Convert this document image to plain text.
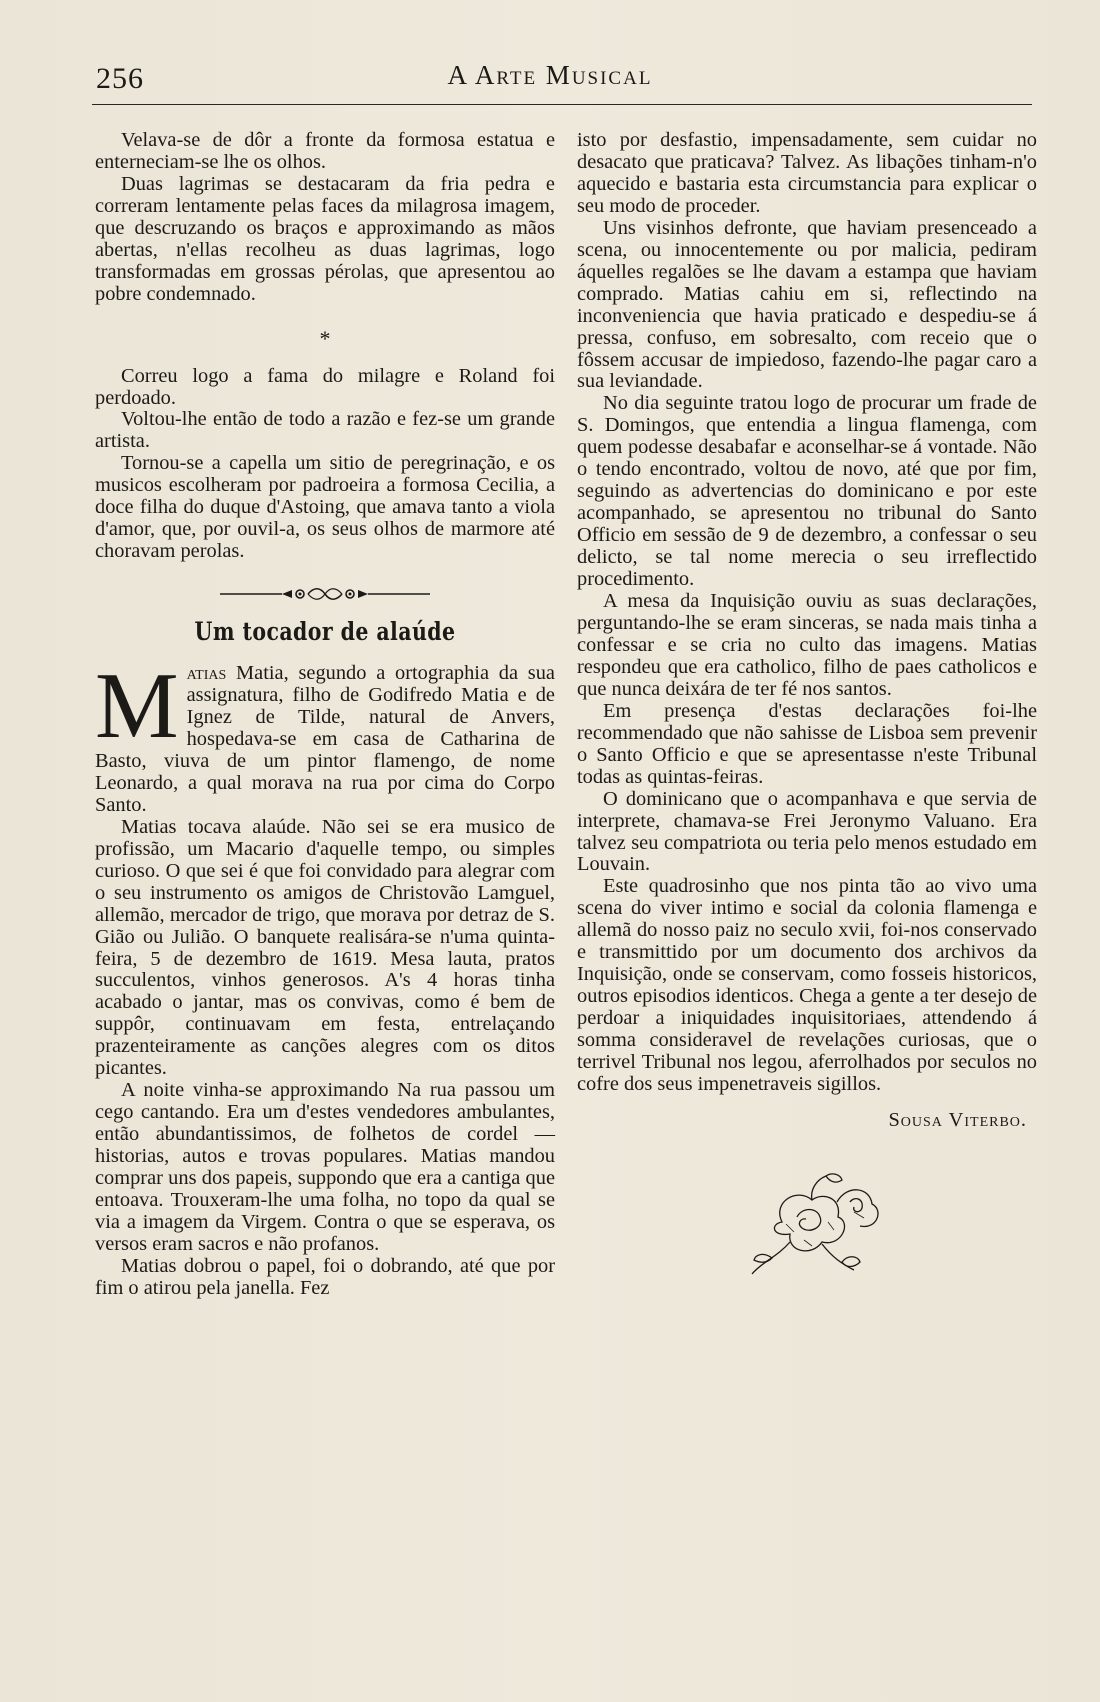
256	A Arte Musical

Velava-se de dôr a fronte da formosa estatua e enterneciam-se lhe os olhos.

Duas lagrimas se destacaram da fria pedra e correram lentamente pelas faces da milagrosa imagem, que descruzando os braços e approximando as mãos abertas, n'ellas recolheu as duas lagrimas, logo transformadas em grossas pérolas, que apresentou ao pobre condemnado.

*

Correu logo a fama do milagre e Roland foi perdoado.

Voltou-lhe então de todo a razão e fez-se um grande artista.

Tornou-se a capella um sitio de peregrinação, e os musicos escolheram por padroeira a formosa Cecilia, a doce filha do duque d'Astoing, que amava tanto a viola d'amor, que, por ouvil-a, os seus olhos de marmore até choravam perolas.

Um tocador de alaúde

Matias Matia, segundo a ortographia da sua assignatura, filho de Godifredo Matia e de Ignez de Tilde, natural de Anvers, hospedava-se em casa de Catharina de Basto, viuva de um pintor flamengo, de nome Leonardo, a qual morava na rua por cima do Corpo Santo.

Matias tocava alaúde. Não sei se era musico de profissão, um Macario d'aquelle tempo, ou simples curioso. O que sei é que foi convidado para alegrar com o seu instrumento os amigos de Christovão Lamguel, allemão, mercador de trigo, que morava por detraz de S. Gião ou Julião. O banquete realisára-se n'uma quinta-feira, 5 de dezembro de 1619. Mesa lauta, pratos succulentos, vinhos generosos. A's 4 horas tinha acabado o jantar, mas os convivas, como é bem de suppôr, continuavam em festa, entrelaçando prazenteiramente as canções alegres com os ditos picantes.

A noite vinha-se approximando Na rua passou um cego cantando. Era um d'estes vendedores ambulantes, então abundantissimos, de folhetos de cordel — historias, autos e trovas populares. Matias mandou comprar uns dos papeis, suppondo que era a cantiga que entoava. Trouxeram-lhe uma folha, no topo da qual se via a imagem da Virgem. Contra o que se esperava, os versos eram sacros e não profanos.

Matias dobrou o papel, foi o dobrando, até que por fim o atirou pela janella. Fez

isto por desfastio, impensadamente, sem cuidar no desacato que praticava? Talvez. As libações tinham-n'o aquecido e bastaria esta circumstancia para explicar o seu modo de proceder.

Uns visinhos defronte, que haviam presenceado a scena, ou innocentemente ou por malicia, pediram áquelles regalões se lhe davam a estampa que haviam comprado. Matias cahiu em si, reflectindo na inconveniencia que havia praticado e despediu-se á pressa, confuso, em sobresalto, com receio que o fôssem accusar de impiedoso, fazendo-lhe pagar caro a sua leviandade.

No dia seguinte tratou logo de procurar um frade de S. Domingos, que entendia a lingua flamenga, com quem podesse desabafar e aconselhar-se á vontade. Não o tendo encontrado, voltou de novo, até que por fim, seguindo as advertencias do dominicano e por este acompanhado, se apresentou no tribunal do Santo Officio em sessão de 9 de dezembro, a confessar o seu delicto, se tal nome merecia o seu irreflectido procedimento.

A mesa da Inquisição ouviu as suas declarações, perguntando-lhe se eram sinceras, se nada mais tinha a confessar e se cria no culto das imagens. Matias respondeu que era catholico, filho de paes catholicos e que nunca deixára de ter fé nos santos.

Em presença d'estas declarações foi-lhe recommendado que não sahisse de Lisboa sem prevenir o Santo Officio e que se apresentasse n'este Tribunal todas as quintas-feiras.

O dominicano que o acompanhava e que servia de interprete, chamava-se Frei Jeronymo Valuano. Era talvez seu compatriota ou teria pelo menos estudado em Louvain.

Este quadrosinho que nos pinta tão ao vivo uma scena do viver intimo e social da colonia flamenga e allemã do nosso paiz no seculo xvii, foi-nos conservado e transmittido por um documento dos archivos da Inquisição, onde se conservam, como fosseis historicos, outros episodios identicos. Chega a gente a ter desejo de perdoar a iniquidades inquisitoriaes, attendendo á somma consideravel de revelações curiosas, que o terrivel Tribunal nos legou, aferrolhados por seculos no cofre dos seus impenetraveis sigillos.

Sousa Viterbo.
